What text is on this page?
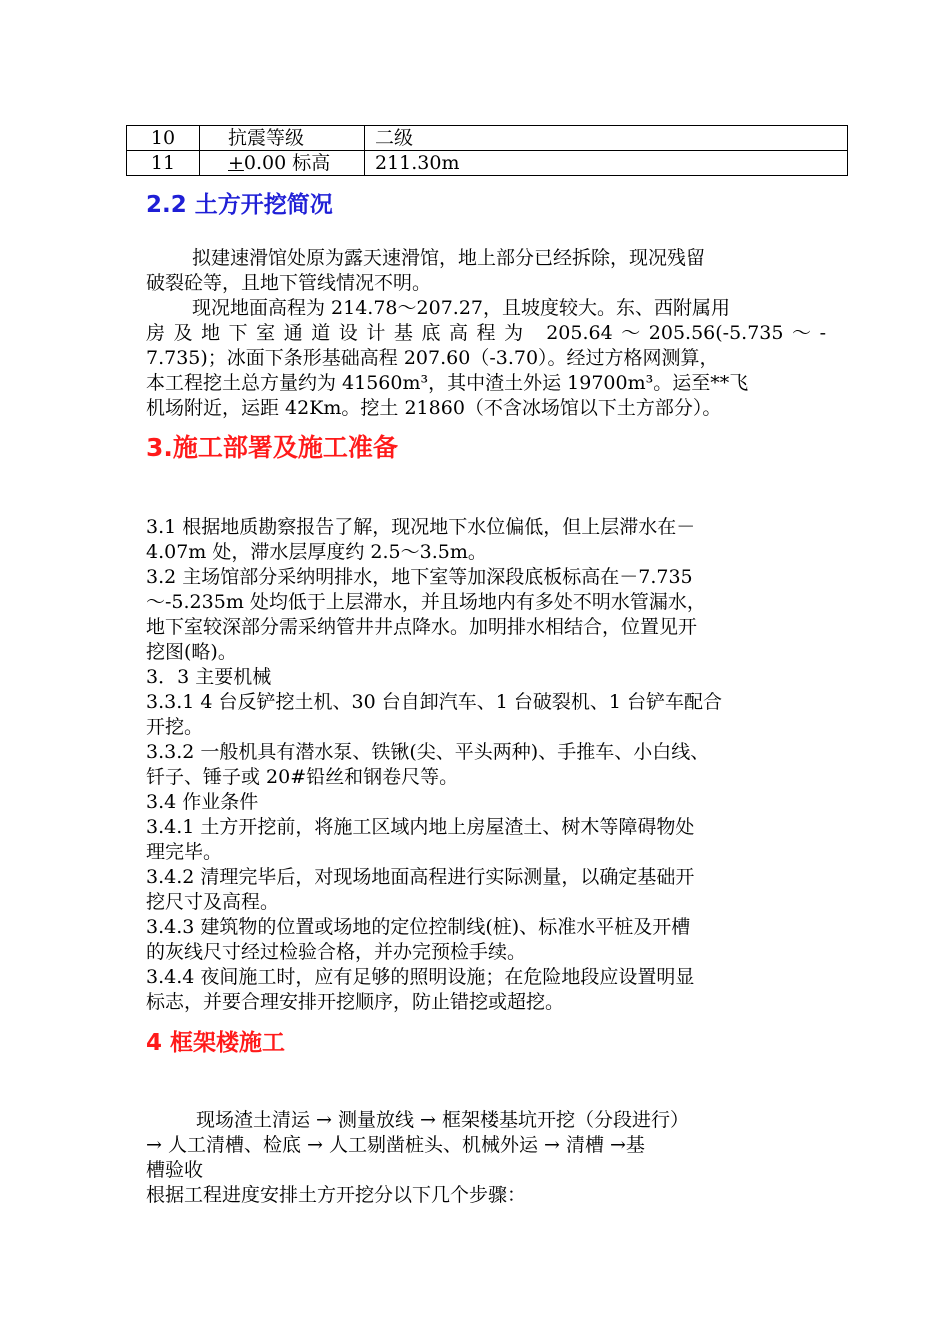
10	抗震等级	二级
11	+0.00 标高	211.30m
2.2 土方开挖简况
拟建速滑馆处原为露天速滑馆，地上部分已经拆除，现况残留
破裂砼等，且地下管线情况不明。
现况地面高程为 214.78～207.27，且坡度较大。东、西附属用
房及地下室通道设计基底高程为 205.64～205.56(-5.735～-
7.735)；冰面下条形基础高程 207.60（-3.70）。经过方格网测算，
本工程挖土总方量约为 41560m³，其中渣土外运 19700m³。运至**飞
机场附近，运距 42Km。挖土 21860（不含冰场馆以下土方部分）。
3.施工部署及施工准备
3.1 根据地质勘察报告了解，现况地下水位偏低，但上层滞水在－
4.07m 处，滞水层厚度约 2.5～3.5m。
3.2 主场馆部分采纳明排水，地下室等加深段底板标高在－7.735
～-5.235m 处均低于上层滞水，并且场地内有多处不明水管漏水，
地下室较深部分需采纳管井井点降水。加明排水相结合，位置见开
挖图(略)。
3．3 主要机械
3.3.1 4 台反铲挖土机、30 台自卸汽车、1 台破裂机、1 台铲车配合
开挖。
3.3.2 一般机具有潜水泵、铁锹(尖、平头两种)、手推车、小白线、
钎子、锤子或 20#铅丝和钢卷尺等。
3.4 作业条件
3.4.1 土方开挖前，将施工区域内地上房屋渣土、树木等障碍物处
理完毕。
3.4.2 清理完毕后，对现场地面高程进行实际测量，以确定基础开
挖尺寸及高程。
3.4.3 建筑物的位置或场地的定位控制线(桩)、标准水平桩及开槽
的灰线尺寸经过检验合格，并办完预检手续。
3.4.4 夜间施工时，应有足够的照明设施；在危险地段应设置明显
标志，并要合理安排开挖顺序，防止错挖或超挖。
4 框架楼施工
现场渣土清运 → 测量放线 → 框架楼基坑开挖（分段进行）
→ 人工清槽、检底 → 人工剔凿桩头、机械外运 → 清槽 →基
槽验收
根据工程进度安排土方开挖分以下几个步骤：
